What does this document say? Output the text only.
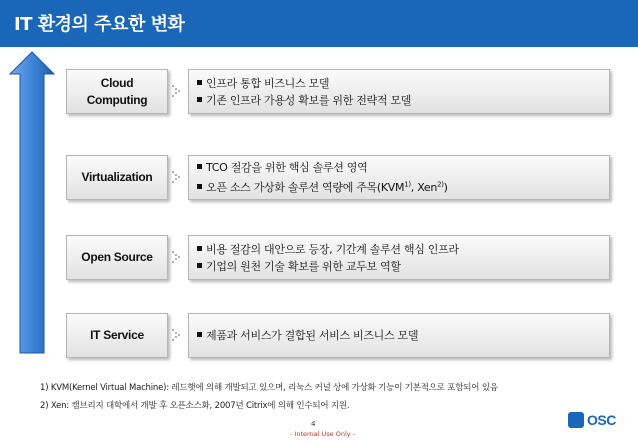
IT 환경의 주요한 변화
Cloud
Computing
인프라 통합 비즈니스 모델
기존 인프라 가용성 확보를 위한 전략적 모델
Virtualization
TCO 절감을 위한 핵심 솔루션 영역
오픈 소스 가상화 솔루션 역량에 주목(KVM$^{1)}$, Xen$^{2)}$)
Open Source
비용 절감의 대안으로 등장, 기간계 솔루션 핵심 인프라
기업의 원천 기술 확보를 위한 교두보 역할
IT Service	제품과 서비스가 결합된 서비스 비즈니스 모델
1) KVM(Kernel Virtual Machine): 레드햇에 의해 개발되고 있으며, 리눅스 커널 상에 가상화 기능이 기본적으로 포함되어 있음
2) Xen: 캠브리지 대학에서 개발 후 오픈소스화, 2007년 Citrix에 의해 인수되어 지원.
4
- Internal Use Only -
OSC
